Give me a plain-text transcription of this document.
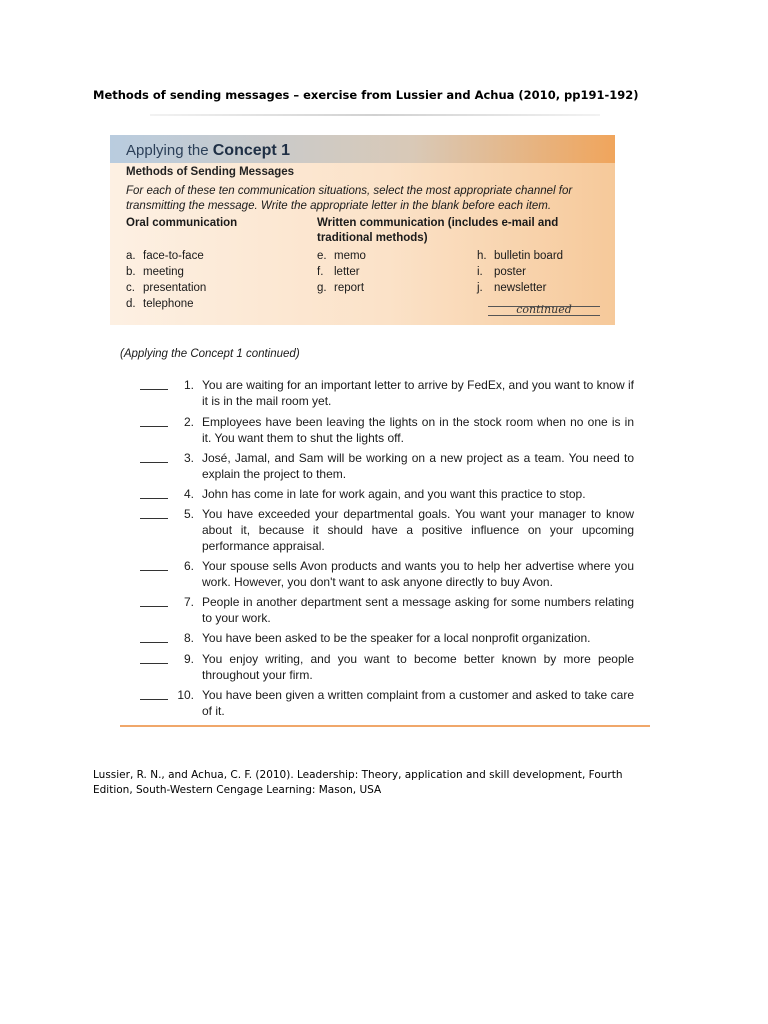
Methods of sending messages – exercise from Lussier and Achua (2010, pp191-192)
Applying the Concept 1
Methods of Sending Messages
For each of these ten communication situations, select the most appropriate channel for transmitting the message. Write the appropriate letter in the blank before each item.
Oral communication	Written communication (includes e-mail and traditional methods)
a. face-to-face
b. meeting
c. presentation
d. telephone
e. memo
f. letter
g. report
h. bulletin board
i. poster
j. newsletter
continued
(Applying the Concept 1 continued)
1. You are waiting for an important letter to arrive by FedEx, and you want to know if it is in the mail room yet.
2. Employees have been leaving the lights on in the stock room when no one is in it. You want them to shut the lights off.
3. José, Jamal, and Sam will be working on a new project as a team. You need to explain the project to them.
4. John has come in late for work again, and you want this practice to stop.
5. You have exceeded your departmental goals. You want your manager to know about it, because it should have a positive influence on your upcoming performance appraisal.
6. Your spouse sells Avon products and wants you to help her advertise where you work. However, you don't want to ask anyone directly to buy Avon.
7. People in another department sent a message asking for some numbers relating to your work.
8. You have been asked to be the speaker for a local nonprofit organization.
9. You enjoy writing, and you want to become better known by more people throughout your firm.
10. You have been given a written complaint from a customer and asked to take care of it.
Lussier, R. N., and Achua, C. F. (2010). Leadership: Theory, application and skill development, Fourth Edition, South-Western Cengage Learning: Mason, USA
